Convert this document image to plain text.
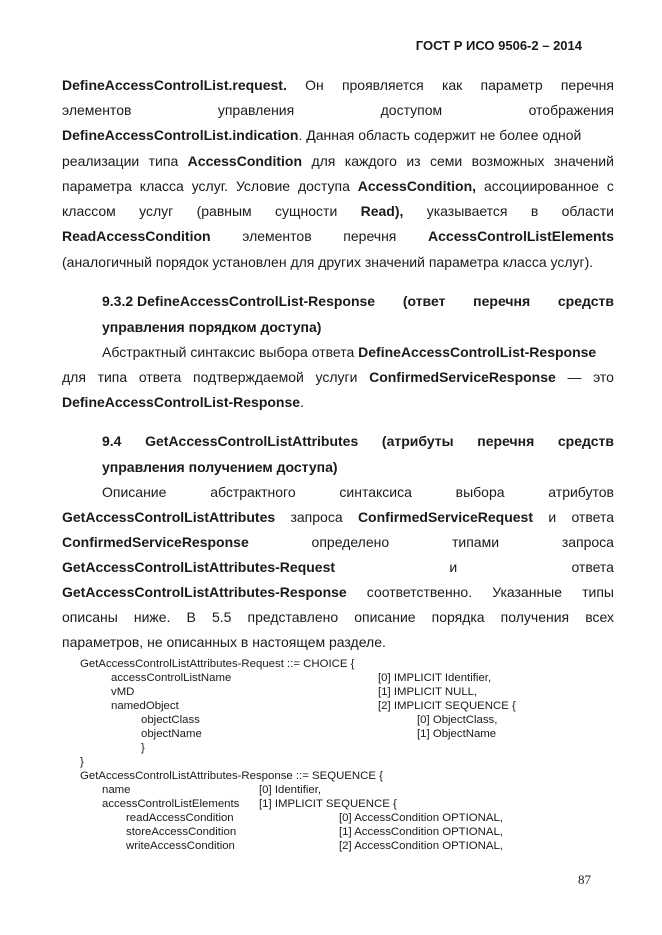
ГОСТ Р ИСО 9506-2 – 2014
DefineAccessControlList.request. Он проявляется как параметр перечня
элементов	управления	доступом	отображения
DefineAccessControlList.indication. Данная область содержит не более одной
реализации типа AccessCondition для каждого из семи возможных значений
параметра класса услуг. Условие доступа AccessCondition, ассоциированное с
классом услуг (равным сущности Read), указывается в области
ReadAccessCondition элементов перечня AccessControlListElements
(аналогичный порядок установлен для других значений параметра класса услуг).
9.3.2 DefineAccessControlList-Response (ответ перечня средств
управления порядком доступа)
Абстрактный синтаксис выбора ответа DefineAccessControlList-Response
для типа ответа подтверждаемой услуги ConfirmedServiceResponse — это
DefineAccessControlList-Response.
9.4 GetAccessControlListAttributes (атрибуты перечня средств
управления получением доступа)
Описание	абстрактного	синтаксиса	выбора	атрибутов
GetAccessControlListAttributes запроса ConfirmedServiceRequest и ответа
ConfirmedServiceResponse	определено	типами	запроса
GetAccessControlListAttributes-Request	и	ответа
GetAccessControlListAttributes-Response соответственно. Указанные типы
описаны ниже. В 5.5 представлено описание порядка получения всех
параметров, не описанных в настоящем разделе.
GetAccessControlListAttributes-Request ::= CHOICE {
accessControlListName	[0] IMPLICIT Identifier,
vMD	[1] IMPLICIT NULL,
namedObject	[2] IMPLICIT SEQUENCE {
objectClass	[0] ObjectClass,
objectName	[1] ObjectName
}
}
GetAccessControlListAttributes-Response ::= SEQUENCE {
name	[0] Identifier,
accessControlListElements [1] IMPLICIT SEQUENCE {
readAccessCondition	[0] AccessCondition OPTIONAL,
storeAccessCondition	[1] AccessCondition OPTIONAL,
writeAccessCondition	[2] AccessCondition OPTIONAL,
87
